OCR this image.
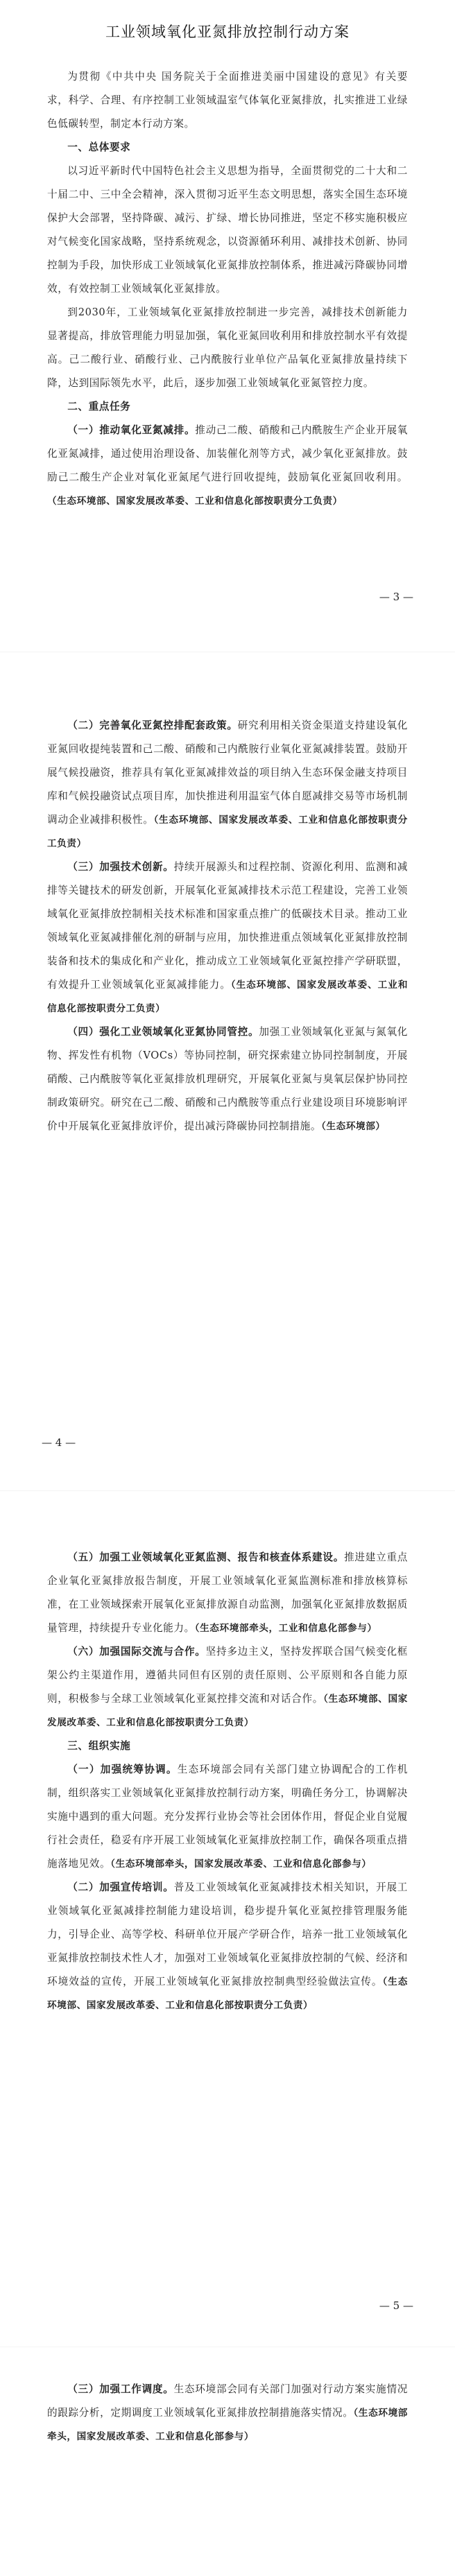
工业领域氧化亚氮排放控制行动方案

为贯彻《中共中央 国务院关于全面推进美丽中国建设的意见》有关要求，科学、合理、有序控制工业领域温室气体氧化亚氮排放，扎实推进工业绿色低碳转型，制定本行动方案。

一、总体要求

以习近平新时代中国特色社会主义思想为指导，全面贯彻党的二十大和二十届二中、三中全会精神，深入贯彻习近平生态文明思想，落实全国生态环境保护大会部署，坚持降碳、减污、扩绿、增长协同推进，坚定不移实施积极应对气候变化国家战略，坚持系统观念，以资源循环利用、减排技术创新、协同控制为手段，加快形成工业领域氧化亚氮排放控制体系，推进减污降碳协同增效，有效控制工业领域氧化亚氮排放。

到2030年，工业领域氧化亚氮排放控制进一步完善，减排技术创新能力显著提高，排放管理能力明显加强，氧化亚氮回收利用和排放控制水平有效提高。己二酸行业、硝酸行业、己内酰胺行业单位产品氧化亚氮排放量持续下降，达到国际领先水平，此后，逐步加强工业领域氧化亚氮管控力度。

二、重点任务

（一）推动氧化亚氮减排。推动己二酸、硝酸和己内酰胺生产企业开展氧化亚氮减排，通过使用治理设备、加装催化剂等方式，减少氧化亚氮排放。鼓励己二酸生产企业对氧化亚氮尾气进行回收提纯，鼓励氧化亚氮回收利用。（生态环境部、国家发展改革委、工业和信息化部按职责分工负责）

— 3 —

（二）完善氧化亚氮控排配套政策。研究利用相关资金渠道支持建设氧化亚氮回收提纯装置和己二酸、硝酸和己内酰胺行业氧化亚氮减排装置。鼓励开展气候投融资，推荐具有氧化亚氮减排效益的项目纳入生态环保金融支持项目库和气候投融资试点项目库，加快推进利用温室气体自愿减排交易等市场机制调动企业减排积极性。（生态环境部、国家发展改革委、工业和信息化部按职责分工负责）

（三）加强技术创新。持续开展源头和过程控制、资源化利用、监测和减排等关键技术的研发创新，开展氧化亚氮减排技术示范工程建设，完善工业领域氧化亚氮排放控制相关技术标准和国家重点推广的低碳技术目录。推动工业领域氧化亚氮减排催化剂的研制与应用，加快推进重点领域氧化亚氮排放控制装备和技术的集成化和产业化，推动成立工业领域氧化亚氮控排产学研联盟，有效提升工业领域氧化亚氮减排能力。（生态环境部、国家发展改革委、工业和信息化部按职责分工负责）

（四）强化工业领域氧化亚氮协同管控。加强工业领域氧化亚氮与氮氧化物、挥发性有机物（VOCs）等协同控制，研究探索建立协同控制制度，开展硝酸、己内酰胺等氧化亚氮排放机理研究，开展氧化亚氮与臭氧层保护协同控制政策研究。研究在己二酸、硝酸和己内酰胺等重点行业建设项目环境影响评价中开展氧化亚氮排放评价，提出减污降碳协同控制措施。（生态环境部）

— 4 —

（五）加强工业领域氧化亚氮监测、报告和核查体系建设。推进建立重点企业氧化亚氮排放报告制度，开展工业领域氧化亚氮监测标准和排放核算标准，在工业领域探索开展氧化亚氮排放源自动监测，加强氧化亚氮排放数据质量管理，持续提升专业化能力。（生态环境部牵头，工业和信息化部参与）

（六）加强国际交流与合作。坚持多边主义，坚持发挥联合国气候变化框架公约主渠道作用，遵循共同但有区别的责任原则、公平原则和各自能力原则，积极参与全球工业领域氧化亚氮控排交流和对话合作。（生态环境部、国家发展改革委、工业和信息化部按职责分工负责）

三、组织实施

（一）加强统筹协调。生态环境部会同有关部门建立协调配合的工作机制，组织落实工业领域氧化亚氮排放控制行动方案，明确任务分工，协调解决实施中遇到的重大问题。充分发挥行业协会等社会团体作用，督促企业自觉履行社会责任，稳妥有序开展工业领域氧化亚氮排放控制工作，确保各项重点措施落地见效。（生态环境部牵头，国家发展改革委、工业和信息化部参与）

（二）加强宣传培训。普及工业领域氧化亚氮减排技术相关知识，开展工业领域氧化亚氮减排控制能力建设培训，稳步提升氧化亚氮控排管理服务能力，引导企业、高等学校、科研单位开展产学研合作，培养一批工业领域氧化亚氮排放控制技术性人才，加强对工业领域氧化亚氮排放控制的气候、经济和环境效益的宣传，开展工业领域氧化亚氮排放控制典型经验做法宣传。（生态环境部、国家发展改革委、工业和信息化部按职责分工负责）

— 5 —

（三）加强工作调度。生态环境部会同有关部门加强对行动方案实施情况的跟踪分析，定期调度工业领域氧化亚氮排放控制措施落实情况。（生态环境部牵头，国家发展改革委、工业和信息化部参与）
